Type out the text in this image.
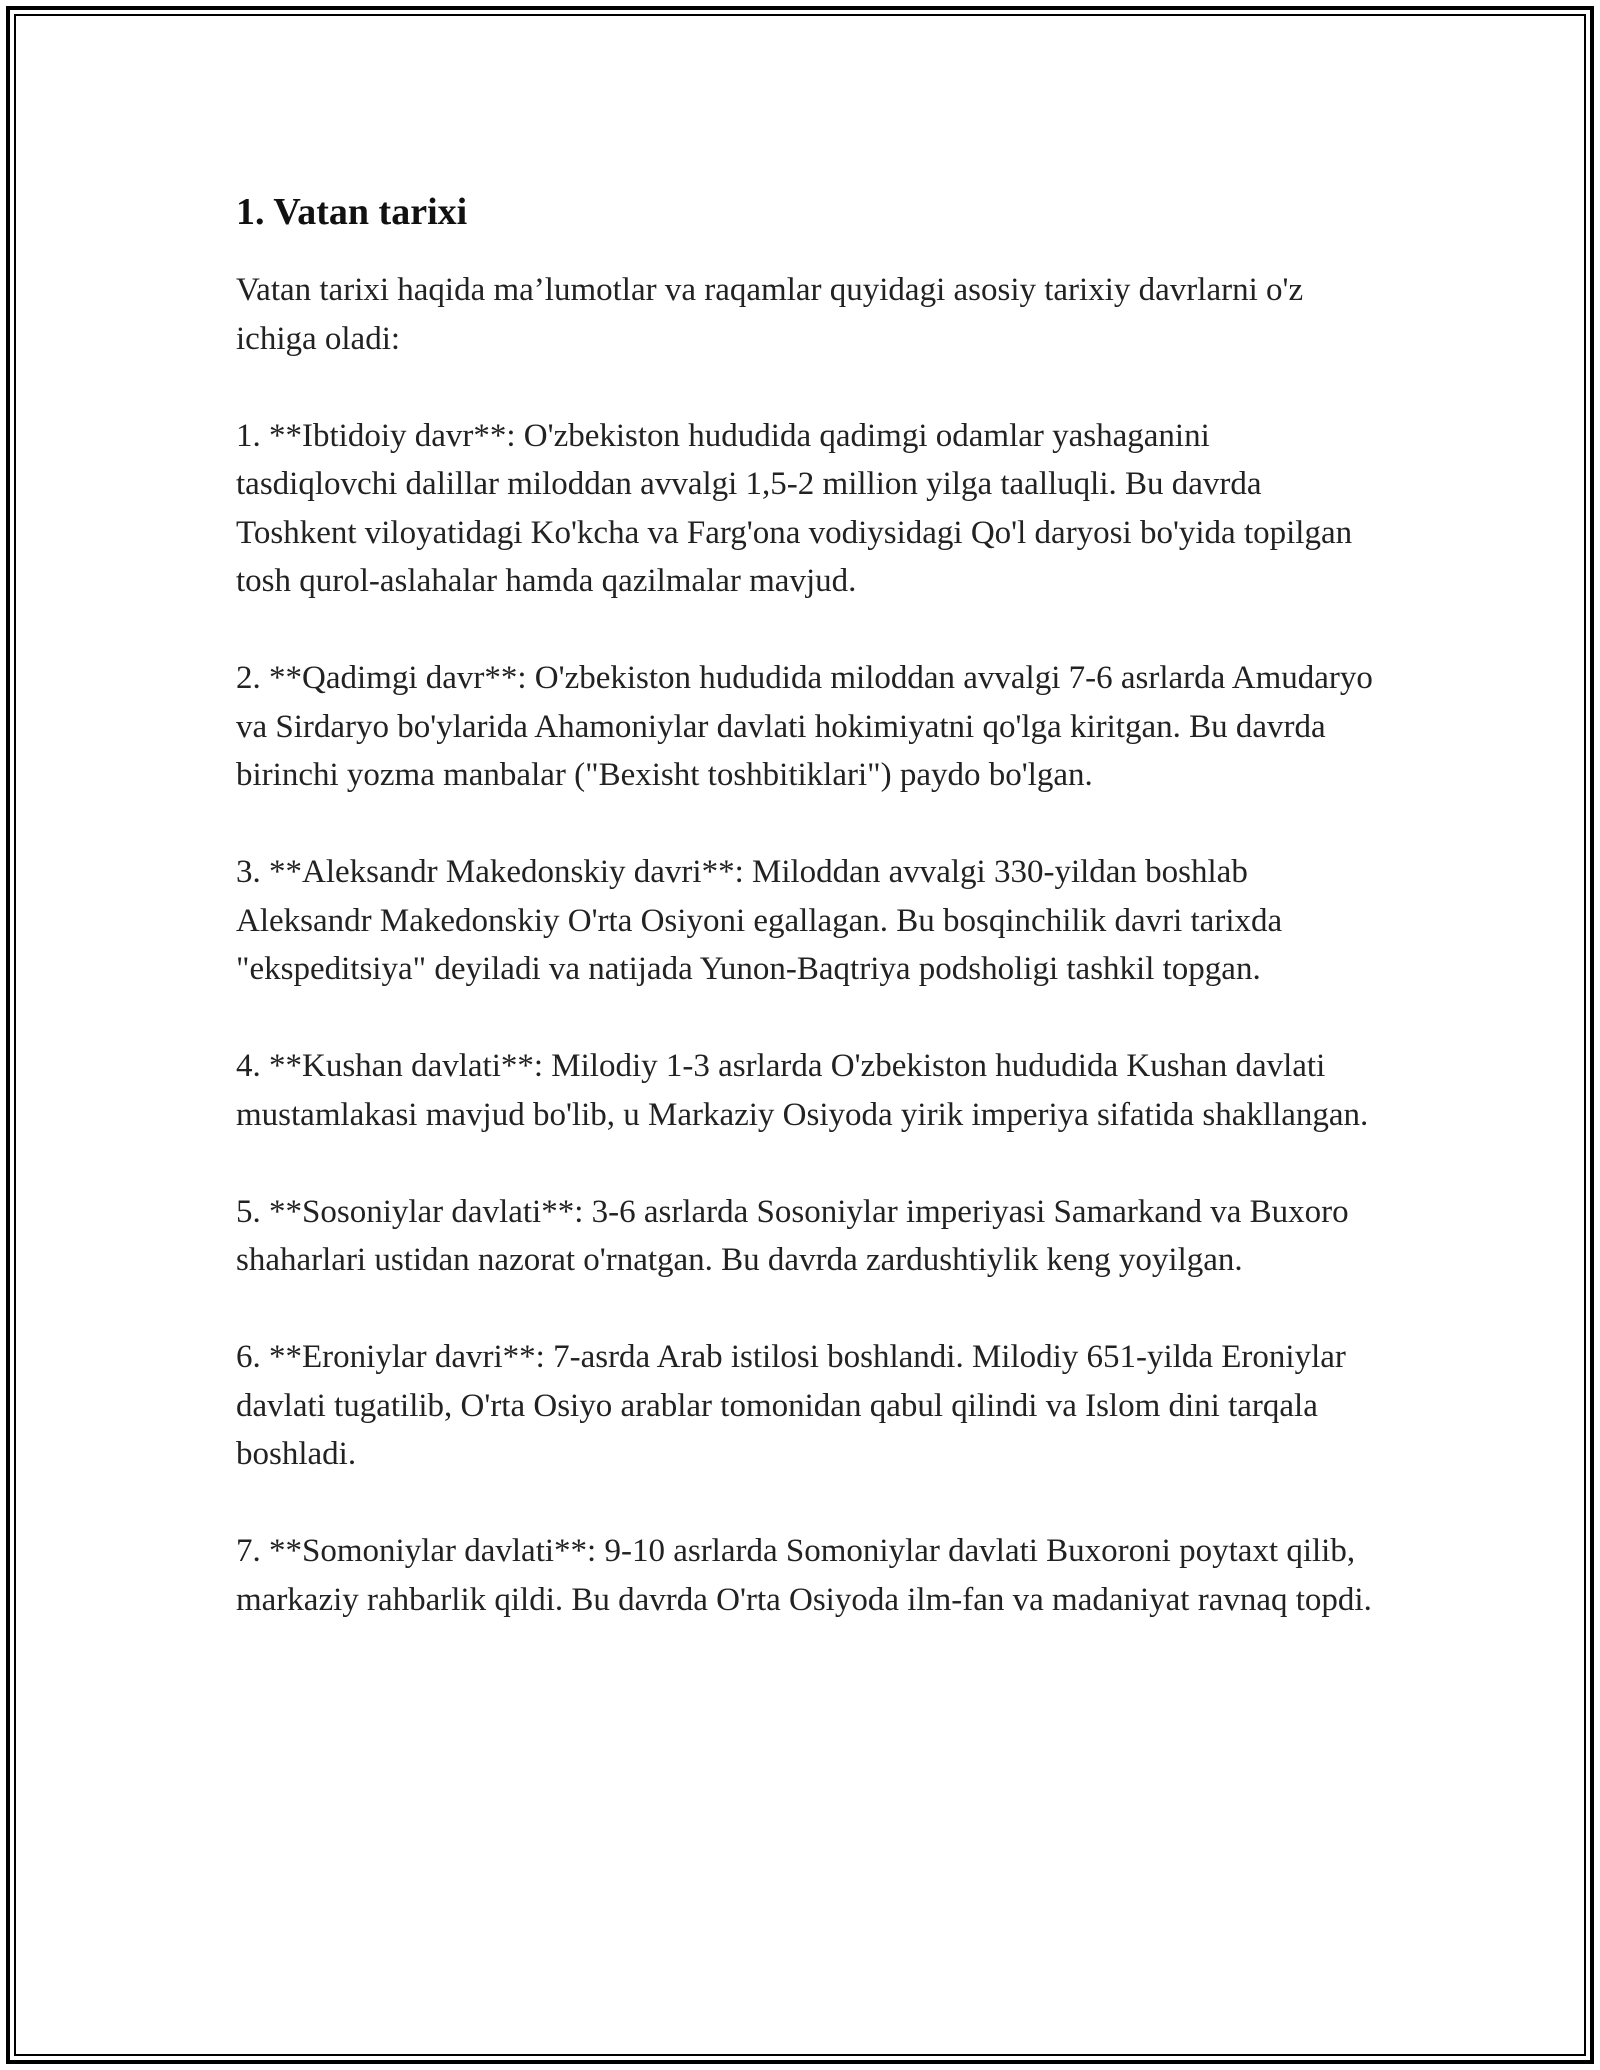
1. Vatan tarixi

Vatan tarixi haqida ma’lumotlar va raqamlar quyidagi asosiy tarixiy davrlarni o'z ichiga oladi:

1. **Ibtidoiy davr**: O'zbekiston hududida qadimgi odamlar yashaganini tasdiqlovchi dalillar miloddan avvalgi 1,5-2 million yilga taalluqli. Bu davrda Toshkent viloyatidagi Ko'kcha va Farg'ona vodiysidagi Qo'l daryosi bo'yida topilgan tosh qurol-aslahalar hamda qazilmalar mavjud.

2. **Qadimgi davr**: O'zbekiston hududida miloddan avvalgi 7-6 asrlarda Amudaryo va Sirdaryo bo'ylarida Ahamoniylar davlati hokimiyatni qo'lga kiritgan. Bu davrda birinchi yozma manbalar ("Bexisht toshbitiklari") paydo bo'lgan.

3. **Aleksandr Makedonskiy davri**: Miloddan avvalgi 330-yildan boshlab Aleksandr Makedonskiy O'rta Osiyoni egallagan. Bu bosqinchilik davri tarixda "ekspeditsiya" deyiladi va natijada Yunon-Baqtriya podsholigi tashkil topgan.

4. **Kushan davlati**: Milodiy 1-3 asrlarda O'zbekiston hududida Kushan davlati mustamlakasi mavjud bo'lib, u Markaziy Osiyoda yirik imperiya sifatida shakllangan.

5. **Sosoniylar davlati**: 3-6 asrlarda Sosoniylar imperiyasi Samarkand va Buxoro shaharlari ustidan nazorat o'rnatgan. Bu davrda zardushtiylik keng yoyilgan.

6. **Eroniylar davri**: 7-asrda Arab istilosi boshlandi. Milodiy 651-yilda Eroniylar davlati tugatilib, O'rta Osiyo arablar tomonidan qabul qilindi va Islom dini tarqala boshladi.

7. **Somoniylar davlati**: 9-10 asrlarda Somoniylar davlati Buxoroni poytaxt qilib, markaziy rahbarlik qildi. Bu davrda O'rta Osiyoda ilm-fan va madaniyat ravnaq topdi.
